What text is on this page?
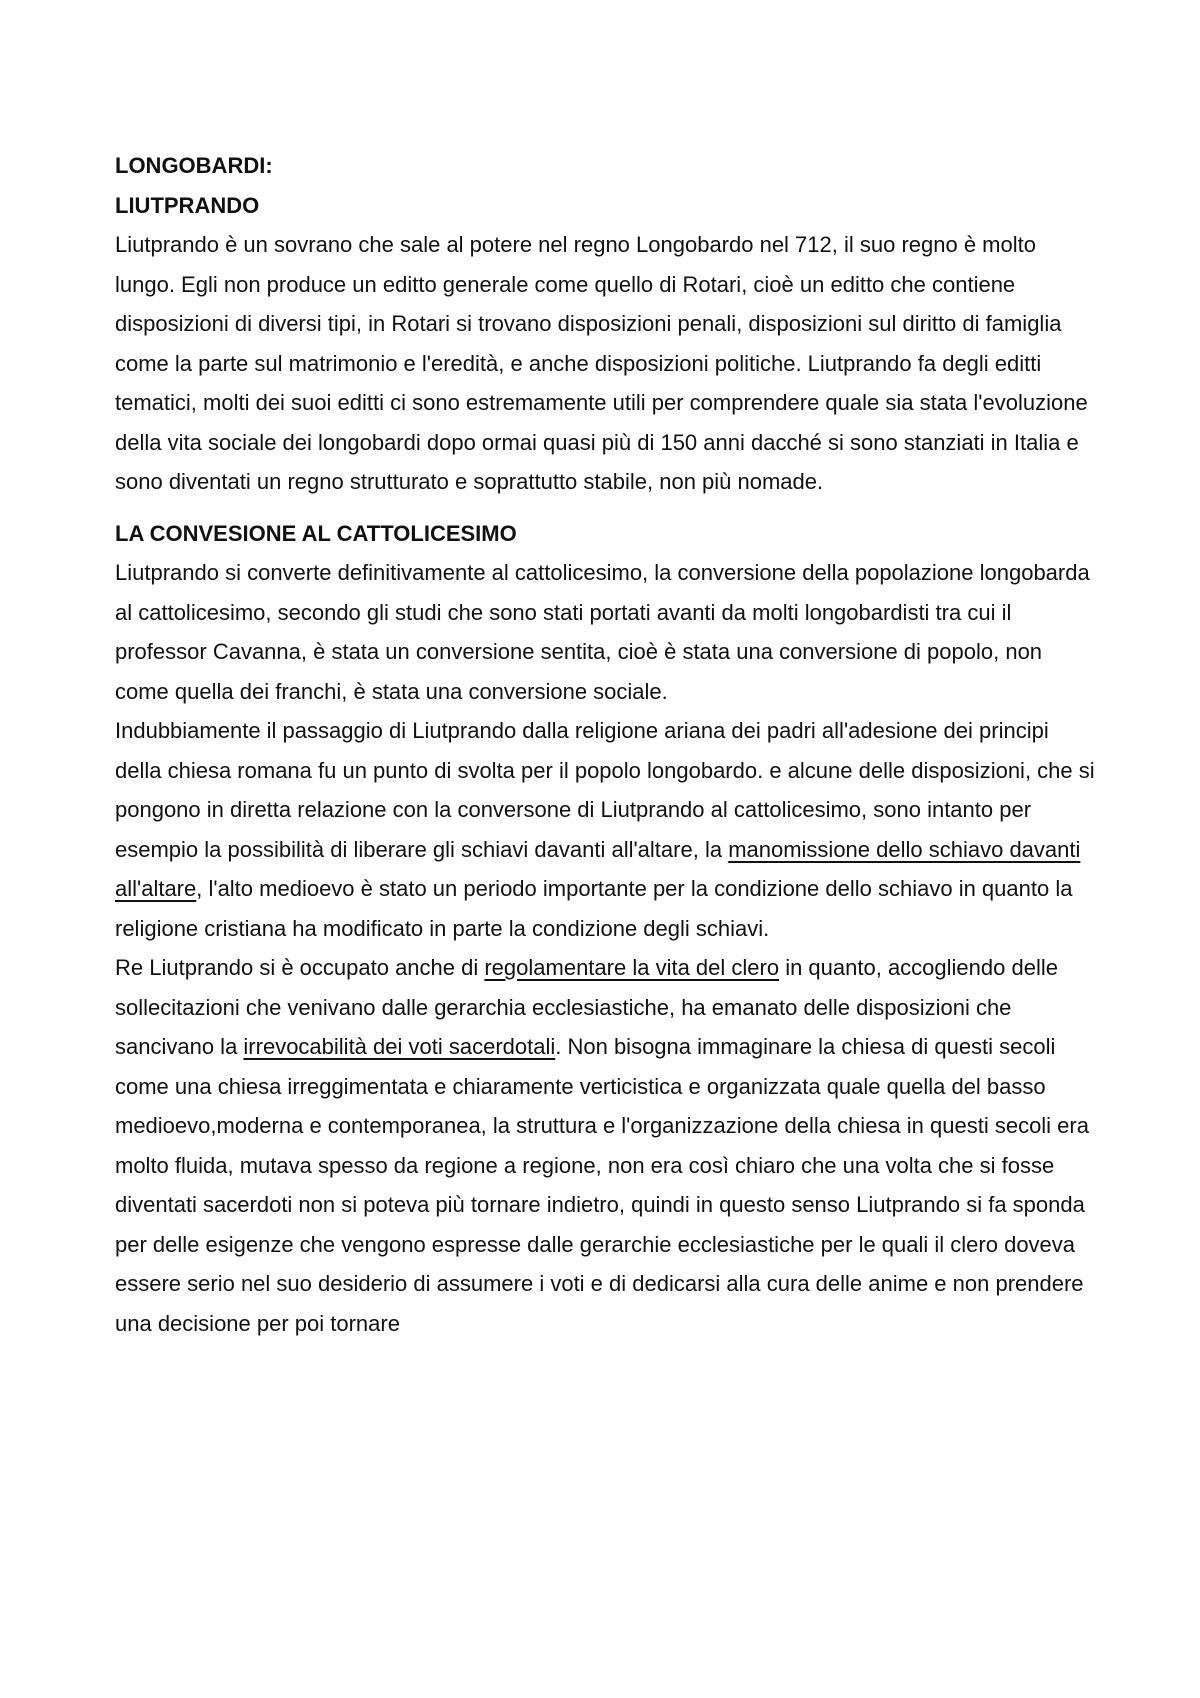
LONGOBARDI:
LIUTPRANDO

Liutprando è un sovrano che sale al potere nel regno Longobardo nel 712, il suo regno è molto lungo. Egli non produce un editto generale come quello di Rotari, cioè un editto che contiene disposizioni di diversi tipi, in Rotari si trovano disposizioni penali, disposizioni sul diritto di famiglia come la parte sul matrimonio e l'eredità, e anche disposizioni politiche. Liutprando fa degli editti tematici, molti dei suoi editti ci sono estremamente utili per comprendere quale sia stata l'evoluzione della vita sociale dei longobardi dopo ormai quasi più di 150 anni dacché si sono stanziati in Italia e sono diventati un regno strutturato e soprattutto stabile, non più nomade.

LA CONVESIONE AL CATTOLICESIMO

Liutprando si converte definitivamente al cattolicesimo, la conversione della popolazione longobarda al cattolicesimo, secondo gli studi che sono stati portati avanti da molti longobardisti tra cui il professor Cavanna, è stata un conversione sentita, cioè è stata una conversione di popolo, non come quella dei franchi, è stata una conversione sociale.

Indubbiamente il passaggio di Liutprando dalla religione ariana dei padri all'adesione dei principi della chiesa romana fu un punto di svolta per il popolo longobardo. e alcune delle disposizioni, che si pongono in diretta relazione con la conversone di Liutprando al cattolicesimo, sono intanto per esempio la possibilità di liberare gli schiavi davanti all'altare, la manomissione dello schiavo davanti all'altare, l'alto medioevo è stato un periodo importante per la condizione dello schiavo in quanto la religione cristiana ha modificato in parte la condizione degli schiavi.

Re Liutprando si è occupato anche di regolamentare la vita del clero in quanto, accogliendo delle sollecitazioni che venivano dalle gerarchia ecclesiastiche, ha emanato delle disposizioni che sancivano la irrevocabilità dei voti sacerdotali. Non bisogna immaginare la chiesa di questi secoli come una chiesa irreggimentata e chiaramente verticistica e organizzata quale quella del basso medioevo,moderna e contemporanea, la struttura e l'organizzazione della chiesa in questi secoli era molto fluida, mutava spesso da regione a regione, non era così chiaro che una volta che si fosse diventati sacerdoti non si poteva più tornare indietro, quindi in questo senso Liutprando si fa sponda per delle esigenze che vengono espresse dalle gerarchie ecclesiastiche per le quali il clero doveva essere serio nel suo desiderio di assumere i voti e di dedicarsi alla cura delle anime e non prendere una decisione per poi tornare
